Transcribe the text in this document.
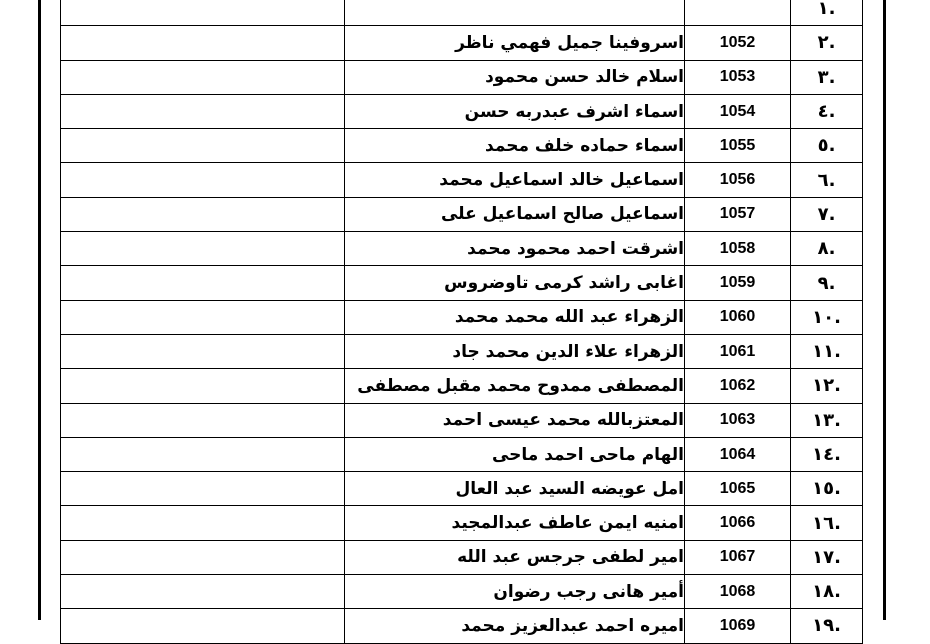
.١			
.٢	1052	اسروفينا جميل فهمي ناظر	
.٣	1053	اسلام خالد حسن محمود	
.٤	1054	اسماء اشرف عبدربه حسن	
.٥	1055	اسماء حماده خلف محمد	
.٦	1056	اسماعيل خالد اسماعيل محمد	
.٧	1057	اسماعيل صالح اسماعيل على	
.٨	1058	اشرقت احمد محمود محمد	
.٩	1059	اغابى راشد كرمى تاوضروس	
.١٠	1060	الزهراء عبد الله محمد محمد	
.١١	1061	الزهراء علاء الدين محمد جاد	
.١٢	1062	المصطفى ممدوح محمد مقبل مصطفى	
.١٣	1063	المعتزبالله محمد عيسى احمد	
.١٤	1064	الهام ماحى احمد ماحى	
.١٥	1065	امل عويضه السيد عبد العال	
.١٦	1066	امنيه ايمن عاطف عبدالمجيد	
.١٧	1067	امير لطفى جرجس عبد الله	
.١٨	1068	أمير هانى رجب رضوان	
.١٩	1069	اميره احمد عبدالعزيز محمد	
